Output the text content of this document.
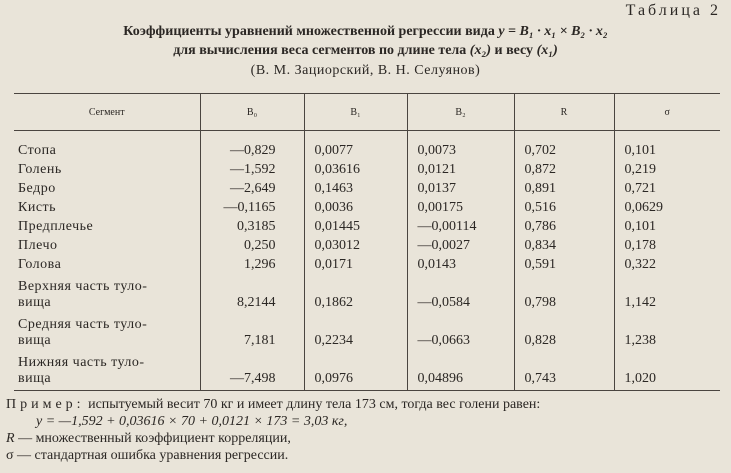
Таблица 2
Коэффициенты уравнений множественной регрессии вида y = B₁ · x₁ × B₂ · x₂
для вычисления веса сегментов по длине тела (x₂) и весу (x₁)
(В. М. Зациорский, В. Н. Селуянов)
Сегмент	B₀	B₁	B₂	R	σ
Стопа	—0,829	0,0077	0,0073	0,702	0,101
Голень	—1,592	0,03616	0,0121	0,872	0,219
Бедро	—2,649	0,1463	0,0137	0,891	0,721
Кисть	—0,1165	0,0036	0,00175	0,516	0,0629
Предплечье	0,3185	0,01445	—0,00114	0,786	0,101
Плечо	0,250	0,03012	—0,0027	0,834	0,178
Голова	1,296	0,0171	0,0143	0,591	0,322

Верхняя часть туло-
вища	8,2144	0,1862	—0,0584	0,798	1,142

Средняя часть туло-
вища	7,181	0,2234	—0,0663	0,828	1,238

Нижняя часть туло-
вища	—7,498	0,0976	0,04896	0,743	1,020
Пример: испытуемый весит 70 кг и имеет длину тела 173 см, тогда вес голени равен:
y = —1,592 + 0,03616 × 70 + 0,0121 × 173 = 3,03 кг,
R — множественный коэффициент корреляции,
σ — стандартная ошибка уравнения регрессии.
